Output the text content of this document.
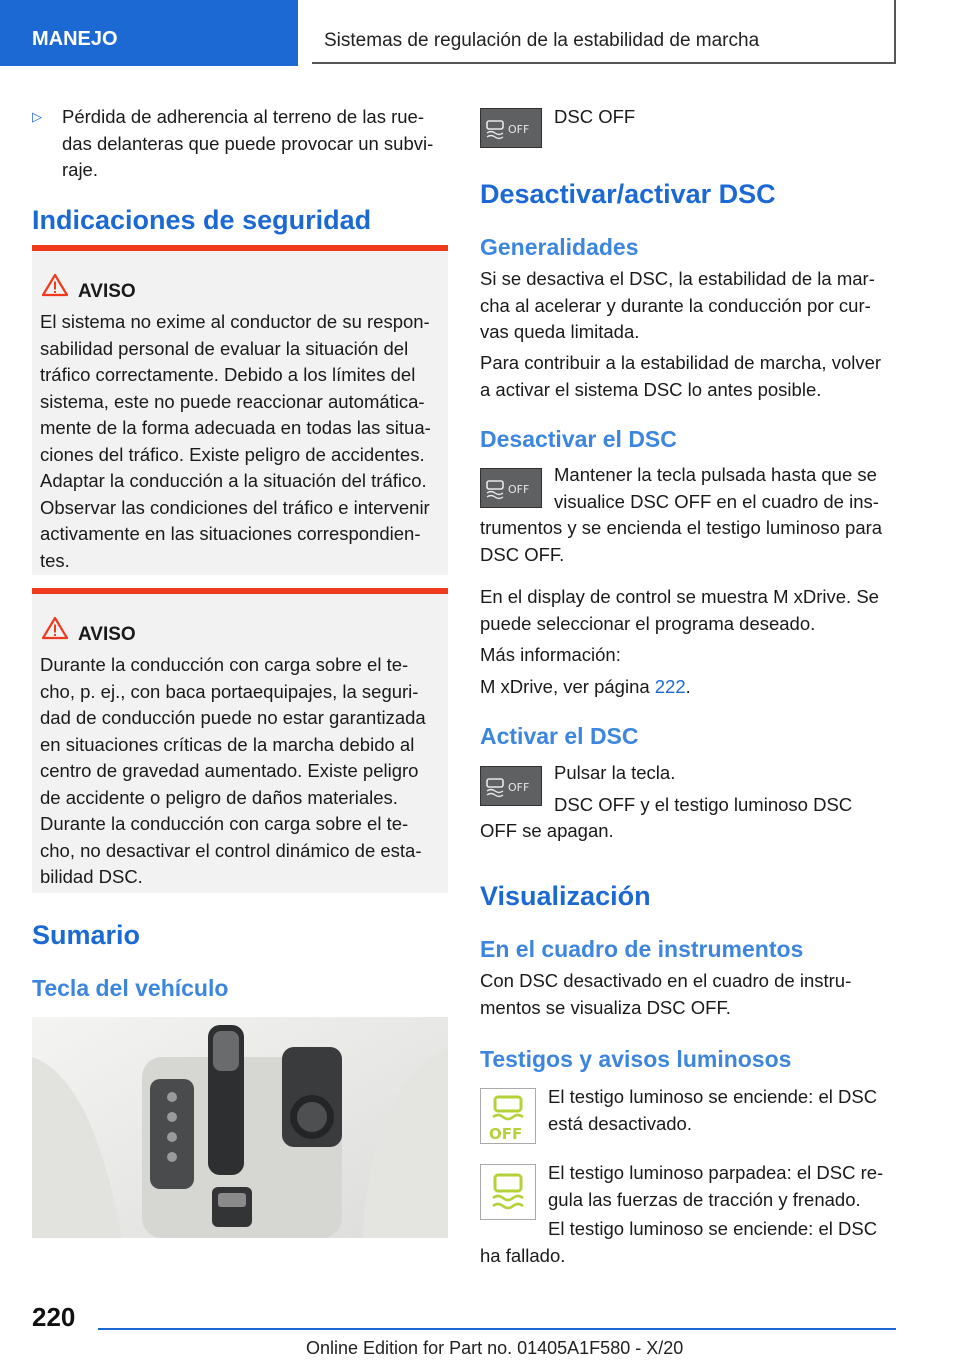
MANEJO	Sistemas de regulación de la estabilidad de marcha
▷	Pérdida de adherencia al terreno de las rue-
das delanteras que puede provocar un subvi-
raje.

Indicaciones de seguridad
AVISO

El sistema no exime al conductor de su respon-
sabilidad personal de evaluar la situación del
tráfico correctamente. Debido a los límites del
sistema, este no puede reaccionar automática-
mente de la forma adecuada en todas las situa-
ciones del tráfico. Existe peligro de accidentes.
Adaptar la conducción a la situación del tráfico.
Observar las condiciones del tráfico e intervenir
activamente en las situaciones correspondien-
tes.

AVISO

Durante la conducción con carga sobre el te-
cho, p. ej., con baca portaequipajes, la seguri-
dad de conducción puede no estar garantizada
en situaciones críticas de la marcha debido al
centro de gravedad aumentado. Existe peligro
de accidente o peligro de daños materiales.
Durante la conducción con carga sobre el te-
cho, no desactivar el control dinámico de esta-
bilidad DSC.

Sumario
Tecla del vehículo
OFF

DSC OFF

Desactivar/activar DSC
Generalidades

Si se desactiva el DSC, la estabilidad de la mar-
cha al acelerar y durante la conducción por cur-
vas queda limitada.

Para contribuir a la estabilidad de marcha, volver
a activar el sistema DSC lo antes posible.

Desactivar el DSC
OFF

Mantener la tecla pulsada hasta que se
visualice DSC OFF en el cuadro de ins-

trumentos y se encienda el testigo luminoso para
DSC OFF.

En el display de control se muestra M xDrive. Se
puede seleccionar el programa deseado.

Más información:

M xDrive, ver página 222.

Activar el DSC
OFF

Pulsar la tecla.

DSC OFF y el testigo luminoso DSC

OFF se apagan.

Visualización
En el cuadro de instrumentos

Con DSC desactivado en el cuadro de instru-
mentos se visualiza DSC OFF.

Testigos y avisos luminosos
OFF

El testigo luminoso se enciende: el DSC
está desactivado.

El testigo luminoso parpadea: el DSC re-
gula las fuerzas de tracción y frenado.

El testigo luminoso se enciende: el DSC

ha fallado.

220
Online Edition for Part no. 01405A1F580 - X/20
